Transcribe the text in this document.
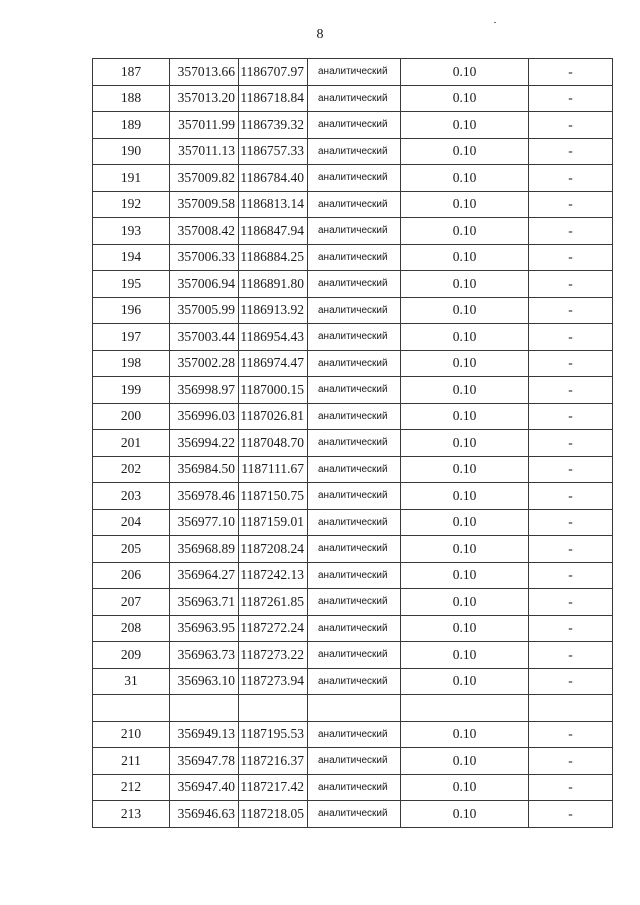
8
187	357013.66	1186707.97	аналитический	0.10	-
188	357013.20	1186718.84	аналитический	0.10	-
189	357011.99	1186739.32	аналитический	0.10	-
190	357011.13	1186757.33	аналитический	0.10	-
191	357009.82	1186784.40	аналитический	0.10	-
192	357009.58	1186813.14	аналитический	0.10	-
193	357008.42	1186847.94	аналитический	0.10	-
194	357006.33	1186884.25	аналитический	0.10	-
195	357006.94	1186891.80	аналитический	0.10	-
196	357005.99	1186913.92	аналитический	0.10	-
197	357003.44	1186954.43	аналитический	0.10	-
198	357002.28	1186974.47	аналитический	0.10	-
199	356998.97	1187000.15	аналитический	0.10	-
200	356996.03	1187026.81	аналитический	0.10	-
201	356994.22	1187048.70	аналитический	0.10	-
202	356984.50	1187111.67	аналитический	0.10	-
203	356978.46	1187150.75	аналитический	0.10	-
204	356977.10	1187159.01	аналитический	0.10	-
205	356968.89	1187208.24	аналитический	0.10	-
206	356964.27	1187242.13	аналитический	0.10	-
207	356963.71	1187261.85	аналитический	0.10	-
208	356963.95	1187272.24	аналитический	0.10	-
209	356963.73	1187273.22	аналитический	0.10	-
31	356963.10	1187273.94	аналитический	0.10	-

210	356949.13	1187195.53	аналитический	0.10	-
211	356947.78	1187216.37	аналитический	0.10	-
212	356947.40	1187217.42	аналитический	0.10	-
213	356946.63	1187218.05	аналитический	0.10	-
